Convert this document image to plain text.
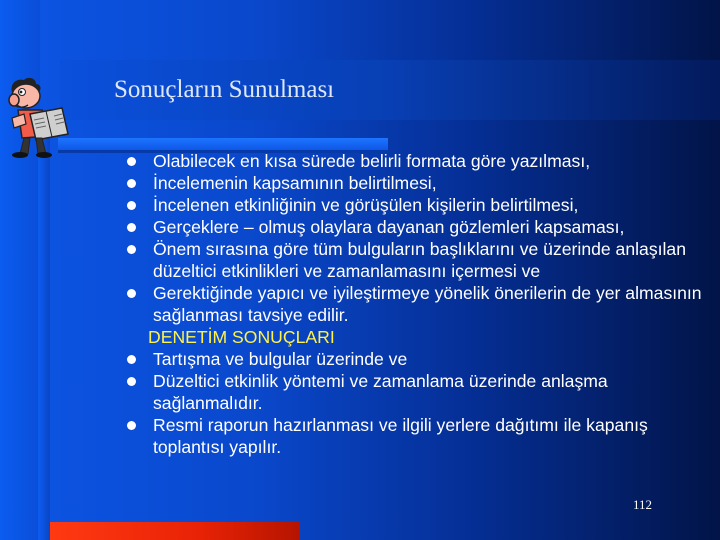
Sonuçların Sunulması
Olabilecek en kısa sürede belirli formata göre yazılması,
İncelemenin kapsamının belirtilmesi,
İncelenen etkinliğinin ve görüşülen kişilerin belirtilmesi,
Gerçeklere – olmuş olaylara dayanan gözlemleri kapsaması,
Önem sırasına göre tüm bulguların başlıklarını ve üzerinde anlaşılan düzeltici etkinlikleri ve zamanlamasını içermesi ve
Gerektiğinde yapıcı ve iyileştirmeye yönelik önerilerin de yer almasının sağlanması tavsiye edilir.
DENETİM SONUÇLARI
Tartışma ve bulgular üzerinde ve
Düzeltici etkinlik yöntemi ve zamanlama üzerinde anlaşma sağlanmalıdır.
Resmi raporun hazırlanması ve ilgili yerlere dağıtımı ile kapanış toplantısı yapılır.
112
